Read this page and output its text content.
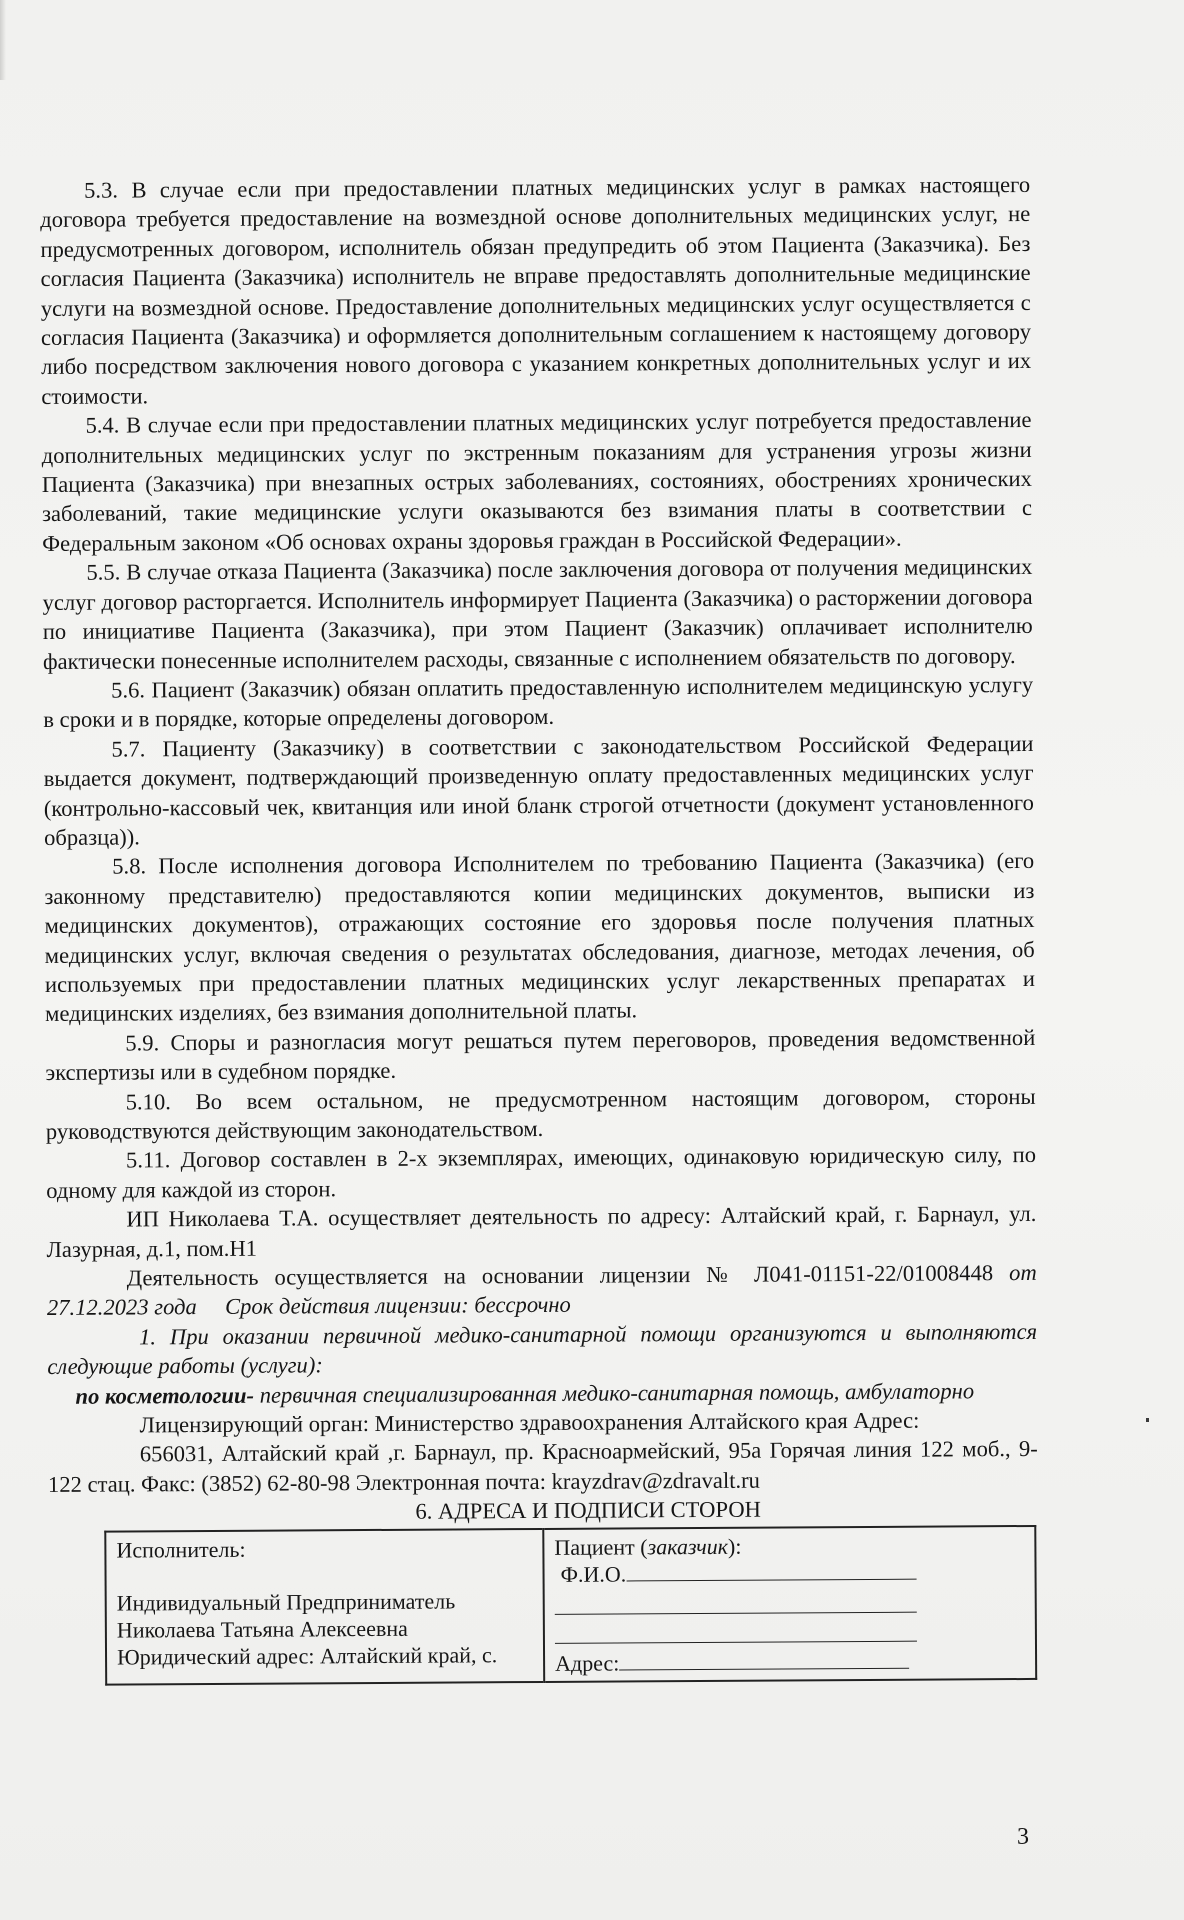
5.3. В случае если при предоставлении платных медицинских услуг в рамках настоящего договора требуется предоставление на возмездной основе дополнительных медицинских услуг, не предусмотренных договором, исполнитель обязан предупредить об этом Пациента (Заказчика). Без согласия Пациента (Заказчика) исполнитель не вправе предоставлять дополнительные медицинские услуги на возмездной основе. Предоставление дополнительных медицинских услуг осуществляется с согласия Пациента (Заказчика) и оформляется дополнительным соглашением к настоящему договору либо посредством заключения нового договора с указанием конкретных дополнительных услуг и их стоимости.

5.4. В случае если при предоставлении платных медицинских услуг потребуется предоставление дополнительных медицинских услуг по экстренным показаниям для устранения угрозы жизни Пациента (Заказчика) при внезапных острых заболеваниях, состояниях, обострениях хронических заболеваний, такие медицинские услуги оказываются без взимания платы в соответствии с Федеральным законом «Об основах охраны здоровья граждан в Российской Федерации».

5.5. В случае отказа Пациента (Заказчика) после заключения договора от получения медицинских услуг договор расторгается. Исполнитель информирует Пациента (Заказчика) о расторжении договора по инициативе Пациента (Заказчика), при этом Пациент (Заказчик) оплачивает исполнителю фактически понесенные исполнителем расходы, связанные с исполнением обязательств по договору.

5.6. Пациент (Заказчик) обязан оплатить предоставленную исполнителем медицинскую услугу в сроки и в порядке, которые определены договором.

5.7. Пациенту (Заказчику) в соответствии с законодательством Российской Федерации выдается документ, подтверждающий произведенную оплату предоставленных медицинских услуг (контрольно-кассовый чек, квитанция или иной бланк строгой отчетности (документ установленного образца)).

5.8. После исполнения договора Исполнителем по требованию Пациента (Заказчика) (его законному представителю) предоставляются копии медицинских документов, выписки из медицинских документов), отражающих состояние его здоровья после получения платных медицинских услуг, включая сведения о результатах обследования, диагнозе, методах лечения, об используемых при предоставлении платных медицинских услуг лекарственных препаратах и медицинских изделиях, без взимания дополнительной платы.

5.9. Споры и разногласия могут решаться путем переговоров, проведения ведомственной экспертизы или в судебном порядке.

5.10. Во всем остальном, не предусмотренном настоящим договором, стороны руководствуются действующим законодательством.

5.11. Договор составлен в 2-х экземплярах, имеющих, одинаковую юридическую силу, по одному для каждой из сторон.

ИП Николаева Т.А. осуществляет деятельность по адресу: Алтайский край, г. Барнаул, ул. Лазурная, д.1, пом.Н1

Деятельность осуществляется на основании лицензии № Л041-01151-22/01008448 от 27.12.2023 года Срок действия лицензии: бессрочно

1. При оказании первичной медико-санитарной помощи организуются и выполняются следующие работы (услуги):

по косметологии- первичная специализированная медико-санитарная помощь, амбулаторно

Лицензирующий орган: Министерство здравоохранения Алтайского края Адрес:

656031, Алтайский край ,г. Барнаул, пр. Красноармейский, 95а Горячая линия 122 моб., 9-122 стац. Факс: (3852) 62-80-98 Электронная почта: krayzdrav@zdravalt.ru

6. АДРЕСА И ПОДПИСИ СТОРОН

Исполнитель:
Индивидуальный Предприниматель
Николаева Татьяна Алексеевна
Юридический адрес: Алтайский край, с.

Пациент (заказчик):
Ф.И.О.
Адрес:
3
